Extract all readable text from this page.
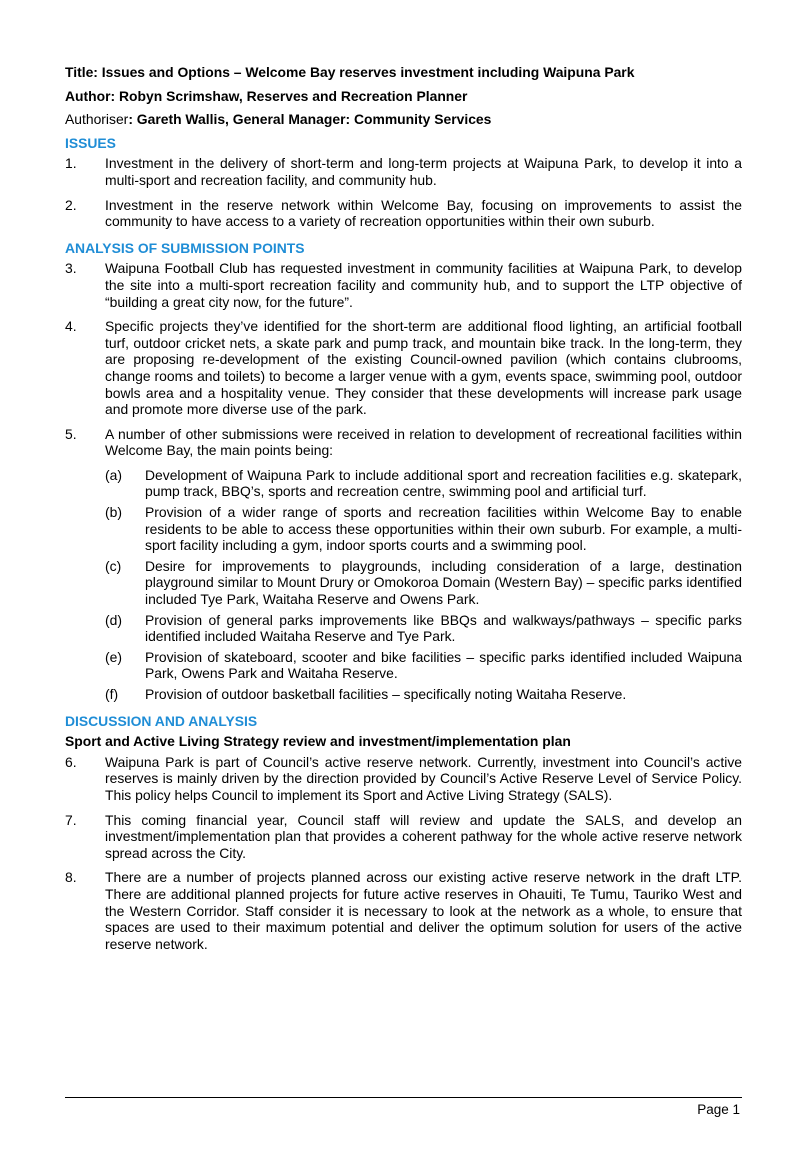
Title: Issues and Options – Welcome Bay reserves investment including Waipuna Park

Author: Robyn Scrimshaw, Reserves and Recreation Planner

Authoriser: Gareth Wallis, General Manager: Community Services

ISSUES

1. Investment in the delivery of short-term and long-term projects at Waipuna Park, to develop it into a multi-sport and recreation facility, and community hub.
2. Investment in the reserve network within Welcome Bay, focusing on improvements to assist the community to have access to a variety of recreation opportunities within their own suburb.

ANALYSIS OF SUBMISSION POINTS

3. Waipuna Football Club has requested investment in community facilities at Waipuna Park, to develop the site into a multi-sport recreation facility and community hub, and to support the LTP objective of “building a great city now, for the future”.
4. Specific projects they’ve identified for the short-term are additional flood lighting, an artificial football turf, outdoor cricket nets, a skate park and pump track, and mountain bike track. In the long-term, they are proposing re-development of the existing Council-owned pavilion (which contains clubrooms, change rooms and toilets) to become a larger venue with a gym, events space, swimming pool, outdoor bowls area and a hospitality venue. They consider that these developments will increase park usage and promote more diverse use of the park.
5. A number of other submissions were received in relation to development of recreational facilities within Welcome Bay, the main points being:
(a) Development of Waipuna Park to include additional sport and recreation facilities e.g. skatepark, pump track, BBQ’s, sports and recreation centre, swimming pool and artificial turf.
(b) Provision of a wider range of sports and recreation facilities within Welcome Bay to enable residents to be able to access these opportunities within their own suburb. For example, a multi-sport facility including a gym, indoor sports courts and a swimming pool.
(c) Desire for improvements to playgrounds, including consideration of a large, destination playground similar to Mount Drury or Omokoroa Domain (Western Bay) – specific parks identified included Tye Park, Waitaha Reserve and Owens Park.
(d) Provision of general parks improvements like BBQs and walkways/pathways – specific parks identified included Waitaha Reserve and Tye Park.
(e) Provision of skateboard, scooter and bike facilities – specific parks identified included Waipuna Park, Owens Park and Waitaha Reserve.
(f) Provision of outdoor basketball facilities – specifically noting Waitaha Reserve.

DISCUSSION AND ANALYSIS

Sport and Active Living Strategy review and investment/implementation plan

6. Waipuna Park is part of Council’s active reserve network. Currently, investment into Council’s active reserves is mainly driven by the direction provided by Council’s Active Reserve Level of Service Policy. This policy helps Council to implement its Sport and Active Living Strategy (SALS).
7. This coming financial year, Council staff will review and update the SALS, and develop an investment/implementation plan that provides a coherent pathway for the whole active reserve network spread across the City.
8. There are a number of projects planned across our existing active reserve network in the draft LTP. There are additional planned projects for future active reserves in Ohauiti, Te Tumu, Tauriko West and the Western Corridor. Staff consider it is necessary to look at the network as a whole, to ensure that spaces are used to their maximum potential and deliver the optimum solution for users of the active reserve network.
Page 1
